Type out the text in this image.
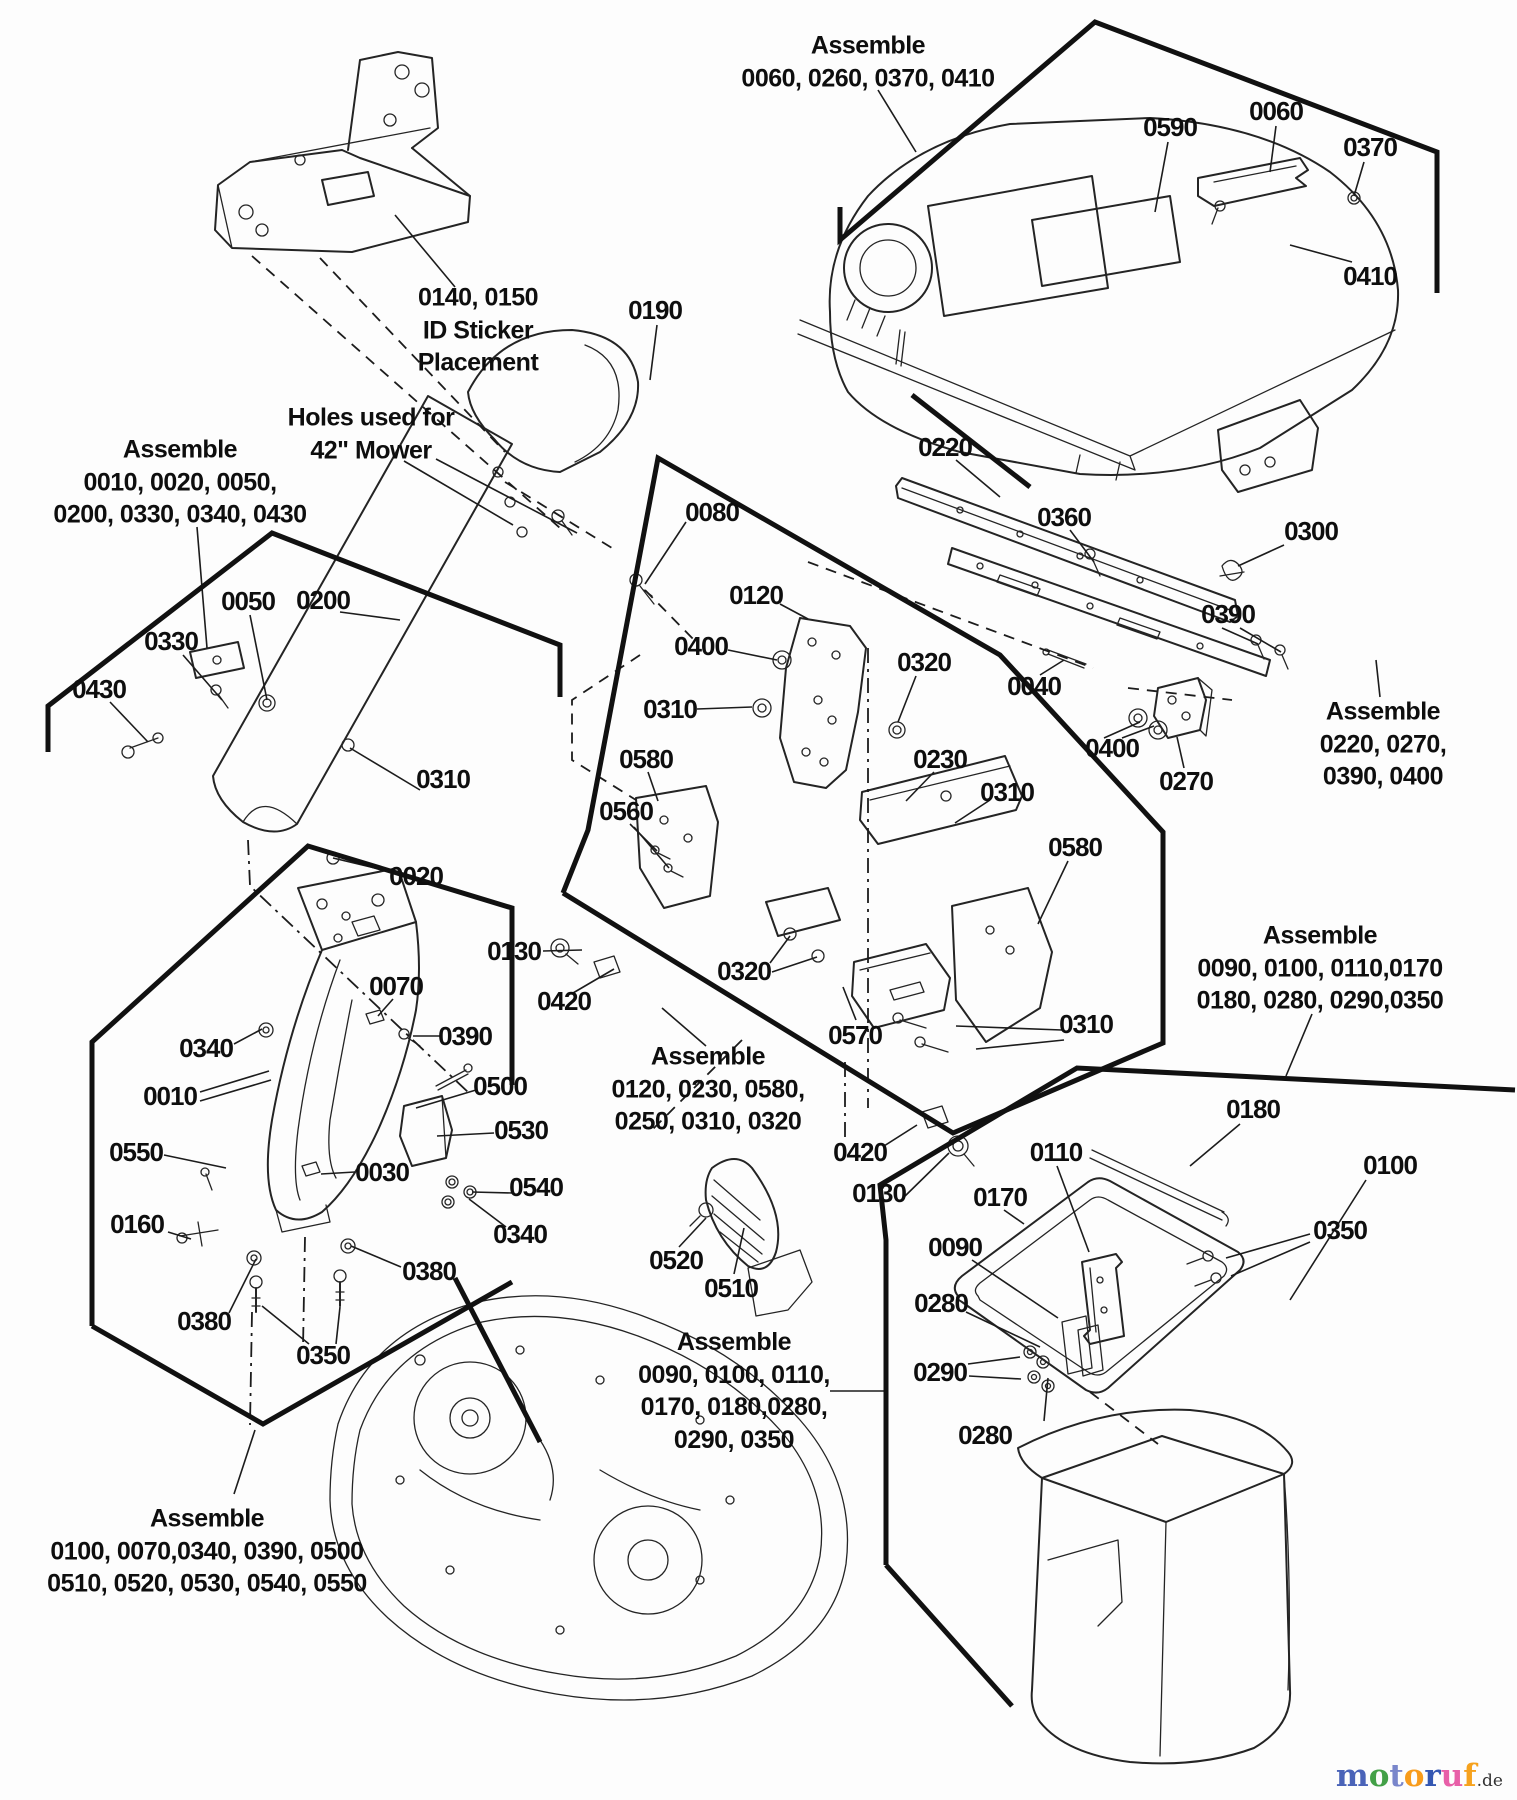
0590
0060
0370
0410
0190
0080
0050 0200
0330
0430
0310
0020
0220
0360	0300
0390
0040
0400
0270
0120
0400
0320
0310
0580
0560
0230
0310
0580
0310
0130
0420
0320
0570
0070
0390
0340
0010	0500
0530
0030	0540
0550
0160	0340
0380
0380
0350
0420
0130
0520
0510
0180
0110
0170
0350
0100
0090
0280
0290
0280
Assemble
0060, 0260, 0370, 0410
0140, 0150
ID Sticker
Placement
Holes used for
42" Mower
Assemble
0010, 0020, 0050,
0200, 0330, 0340, 0430
Assemble
0220, 0270,
0390, 0400
Assemble
0120, 0230, 0580,
0250, 0310, 0320
Assemble
0090, 0100, 0110,0170
0180, 0280, 0290,0350
Assemble
0090, 0100, 0110,
0170, 0180,0280,
0290, 0350
Assemble
0100, 0070,0340, 0390, 0500
0510, 0520, 0530, 0540, 0550
motoruf.de
